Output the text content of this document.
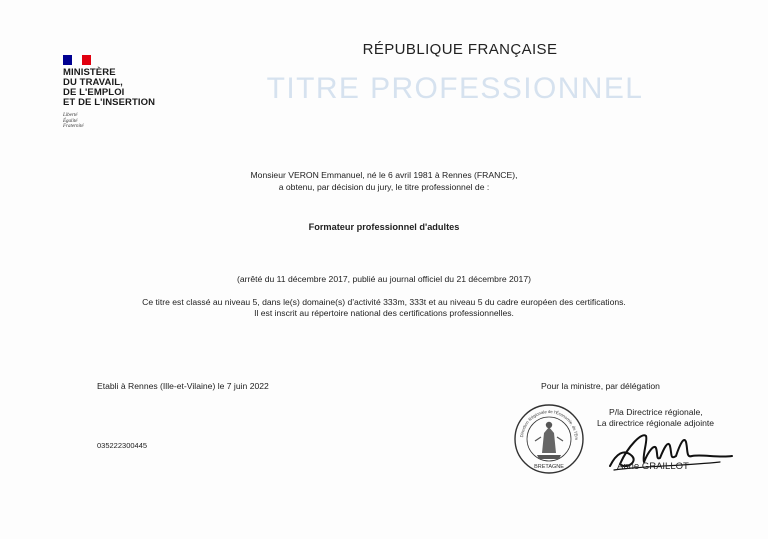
MINISTÈRE
DU TRAVAIL,
DE L'EMPLOI
ET DE L'INSERTION
Liberté
Égalité
Fraternité
RÉPUBLIQUE FRANÇAISE
TITRE PROFESSIONNEL
Monsieur VERON Emmanuel, né le 6 avril 1981 à Rennes (FRANCE),
a obtenu, par décision du jury, le titre professionnel de :
Formateur professionnel d'adultes
(arrêté du 11 décembre 2017, publié au journal officiel du 21 décembre 2017)
Ce titre est classé au niveau 5, dans le(s) domaine(s) d'activité 333m, 333t et au niveau 5 du cadre européen des certifications.
Il est inscrit au répertoire national des certifications professionnelles.
Etabli à Rennes (Ille-et-Vilaine) le 7 juin 2022
035222300445
Pour la ministre, par délégation
P/la Directrice régionale,
La directrice régionale adjointe
Direction Régionale de l'Économie, de l'Em
BRETAGNE	Anne GRAILLOT
